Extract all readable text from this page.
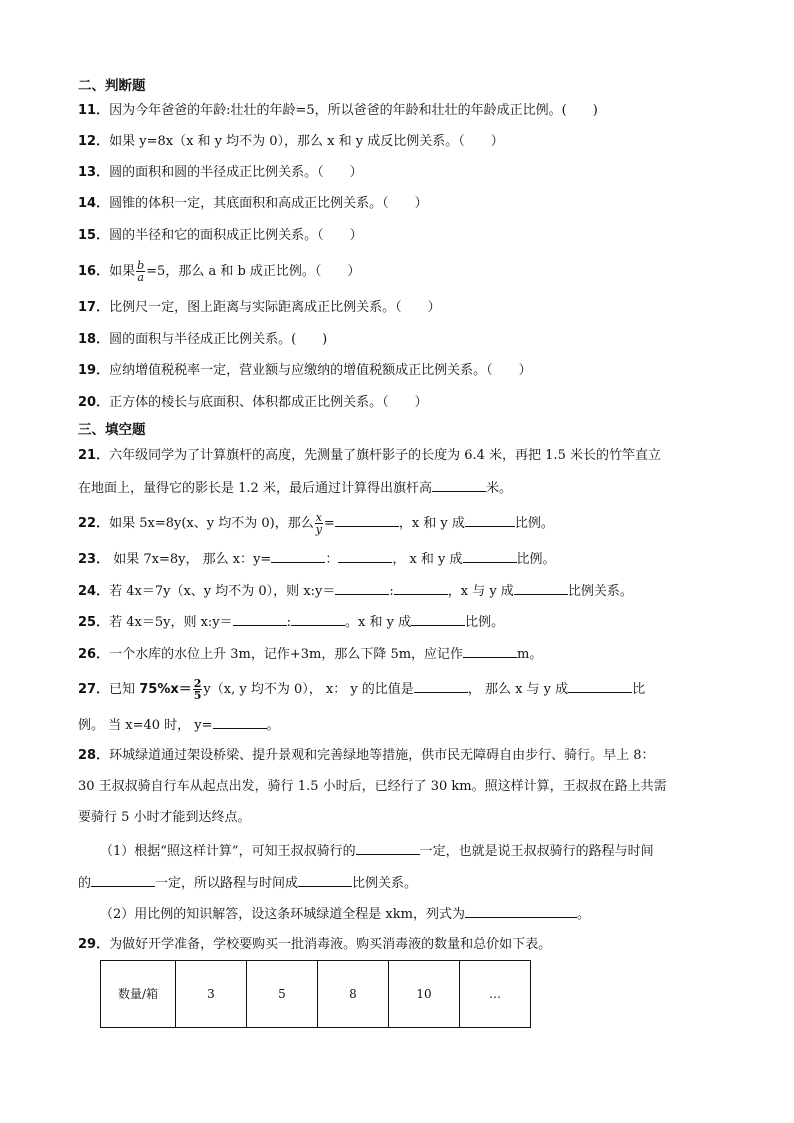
二、判断题
11．因为今年爸爸的年龄:壮壮的年龄=5，所以爸爸的年龄和壮壮的年龄成正比例。(　　)
12．如果 y=8x（x 和 y 均不为 0），那么 x 和 y 成反比例关系。（　　）
13．圆的面积和圆的半径成正比例关系。（　　）
14．圆锥的体积一定，其底面积和高成正比例关系。（　　）
15．圆的半径和它的面积成正比例关系。（　　）
16．如果 $\frac{b}{a} =5$，那么 a 和 b 成正比例。（　　）
17．比例尺一定，图上距离与实际距离成正比例关系。（　　）
18．圆的面积与半径成正比例关系。(　　)
19．应纳增值税税率一定，营业额与应缴纳的增值税额成正比例关系。（　　）
20．正方体的棱长与底面积、体积都成正比例关系。（　　）
三、填空题
21．六年级同学为了计算旗杆的高度，先测量了旗杆影子的长度为 6.4 米，再把 1.5 米长的竹竿直立
在地面上，量得它的影长是 1.2 米，最后通过计算得出旗杆高	米。
22．如果 5x=8y(x、y 均不为 0)，那么 $\frac{x}{y}$ =	，x 和 y 成	比例。
23． 如果 7x=8y， 那么 x：y=	：	， x 和 y 成	比例。
24．若 4x＝7y（x、y 均不为 0），则 x:y＝	:	，x 与 y 成	比例关系。
25．若 4x＝5y，则 x:y＝	:	。x 和 y 成	比例。
26．一个水库的水位上升 3m，记作+3m，那么下降 5m，应记作	m。
27．已知 $75\%x= \frac{2}{5} y(x$, y 均不为 0）， x： y 的比值是	， 那么 x 与 y 成	比
例。 当 x=40 时， y=	。
28．环城绿道通过架设桥梁、提升景观和完善绿地等措施，供市民无障碍自由步行、骑行。早上 8：
30 王叔叔骑自行车从起点出发，骑行 1.5 小时后，已经行了 30 km。照这样计算，王叔叔在路上共需
要骑行 5 小时才能到达终点。
（1）根据“照这样计算”，可知王叔叔骑行的	一定，也就是说王叔叔骑行的路程与时间
的	一定，所以路程与时间成	比例关系。
（2）用比例的知识解答，设这条环城绿道全程是 xkm，列式为	。
29．为做好开学准备，学校要购买一批消毒液。购买消毒液的数量和总价如下表。
数量/箱	3	5	8	10	…
